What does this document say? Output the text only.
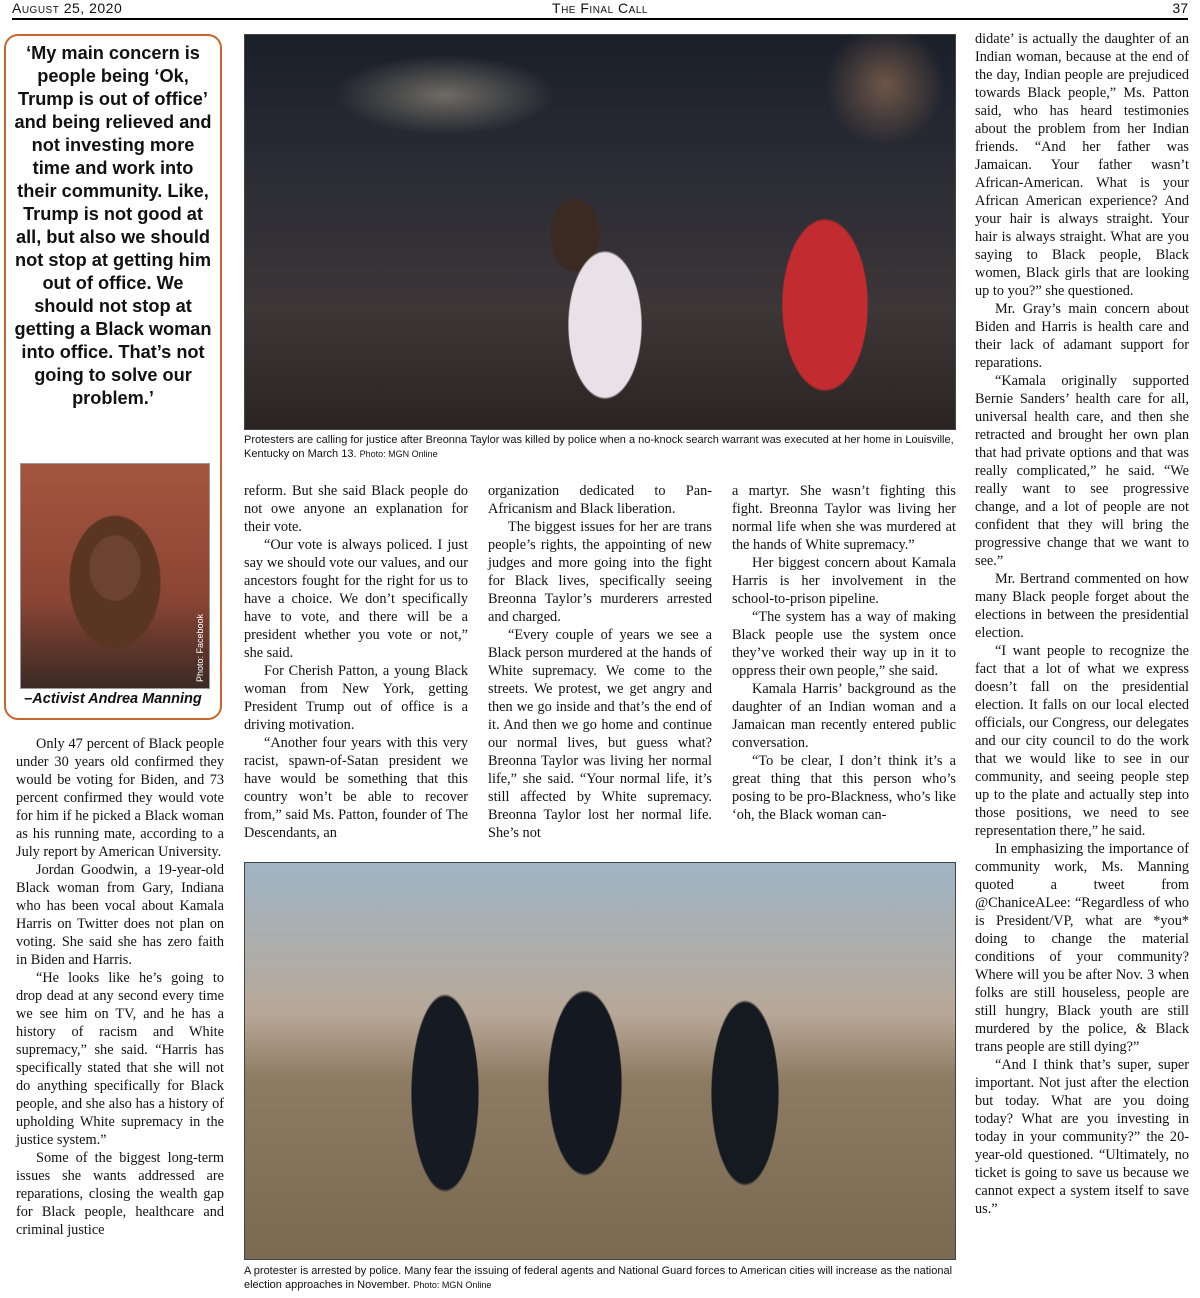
August 25, 2020	The Final Call	37

‘My main concern is people being ‘Ok, Trump is out of office’ and being relieved and not investing more time and work into their community. Like, Trump is not good at all, but also we should not stop at getting him out of office. We should not stop at getting a Black woman into office. That’s not going to solve our problem.’

Photo: Facebook
–Activist Andrea Manning
Protesters are calling for justice after Breonna Taylor was killed by police when a no-knock search warrant was executed at her home in Louisville, Kentucky on March 13. Photo: MGN Online
A protester is arrested by police. Many fear the issuing of federal agents and National Guard forces to American cities will increase as the national election approaches in November. Photo: MGN Online

Only 47 percent of Black people under 30 years old confirmed they would be voting for Biden, and 73 percent confirmed they would vote for him if he picked a Black woman as his running mate, according to a July report by American University.

Jordan Goodwin, a 19-year-old Black woman from Gary, Indiana who has been vocal about Kamala Harris on Twitter does not plan on voting. She said she has zero faith in Biden and Harris.

“He looks like he’s going to drop dead at any second every time we see him on TV, and he has a history of racism and White supremacy,” she said. “Harris has specifically stated that she will not do anything specifically for Black people, and she also has a history of upholding White supremacy in the justice system.”

Some of the biggest long-term issues she wants addressed are reparations, closing the wealth gap for Black people, healthcare and criminal justice

reform. But she said Black people do not owe anyone an explanation for their vote.

“Our vote is always policed. I just say we should vote our values, and our ancestors fought for the right for us to have a choice. We don’t specifically have to vote, and there will be a president whether you vote or not,” she said.

For Cherish Patton, a young Black woman from New York, getting President Trump out of office is a driving motivation.

“Another four years with this very racist, spawn-of-Satan president we have would be something that this country won’t be able to recover from,” said Ms. Patton, founder of The Descendants, an

organization dedicated to Pan-Africanism and Black liberation.

The biggest issues for her are trans people’s rights, the appointing of new judges and more going into the fight for Black lives, specifically seeing Breonna Taylor’s murderers arrested and charged.

“Every couple of years we see a Black person murdered at the hands of White supremacy. We come to the streets. We protest, we get angry and then we go inside and that’s the end of it. And then we go home and continue our normal lives, but guess what? Breonna Taylor was living her normal life,” she said. “Your normal life, it’s still affected by White supremacy. Breonna Taylor lost her normal life. She’s not

a martyr. She wasn’t fighting this fight. Breonna Taylor was living her normal life when she was murdered at the hands of White supremacy.”

Her biggest concern about Kamala Harris is her involvement in the school-to-prison pipeline.

“The system has a way of making Black people use the system once they’ve worked their way up in it to oppress their own people,” she said.

Kamala Harris’ background as the daughter of an Indian woman and a Jamaican man recently entered public conversation.

“To be clear, I don’t think it’s a great thing that this person who’s posing to be pro-Blackness, who’s like ‘oh, the Black woman can-

didate’ is actually the daughter of an Indian woman, because at the end of the day, Indian people are prejudiced towards Black people,” Ms. Patton said, who has heard testimonies about the problem from her Indian friends. “And her father was Jamaican. Your father wasn’t African-American. What is your African American experience? And your hair is always straight. Your hair is always straight. What are you saying to Black people, Black women, Black girls that are looking up to you?” she questioned.

Mr. Gray’s main concern about Biden and Harris is health care and their lack of adamant support for reparations.

“Kamala originally supported Bernie Sanders’ health care for all, universal health care, and then she retracted and brought her own plan that had private options and that was really complicated,” he said. “We really want to see progressive change, and a lot of people are not confident that they will bring the progressive change that we want to see.”

Mr. Bertrand commented on how many Black people forget about the elections in between the presidential election.

“I want people to recognize the fact that a lot of what we express doesn’t fall on the presidential election. It falls on our local elected officials, our Congress, our delegates and our city council to do the work that we would like to see in our community, and seeing people step up to the plate and actually step into those positions, we need to see representation there,” he said.

In emphasizing the importance of community work, Ms. Manning quoted a tweet from @ChaniceALee: “Regardless of who is President/VP, what are *you* doing to change the material conditions of your community? Where will you be after Nov. 3 when folks are still houseless, people are still hungry, Black youth are still murdered by the police, & Black trans people are still dying?”

“And I think that’s super, super important. Not just after the election but today. What are you doing today? What are you investing in today in your community?” the 20-year-old questioned. “Ultimately, no ticket is going to save us because we cannot expect a system itself to save us.”
